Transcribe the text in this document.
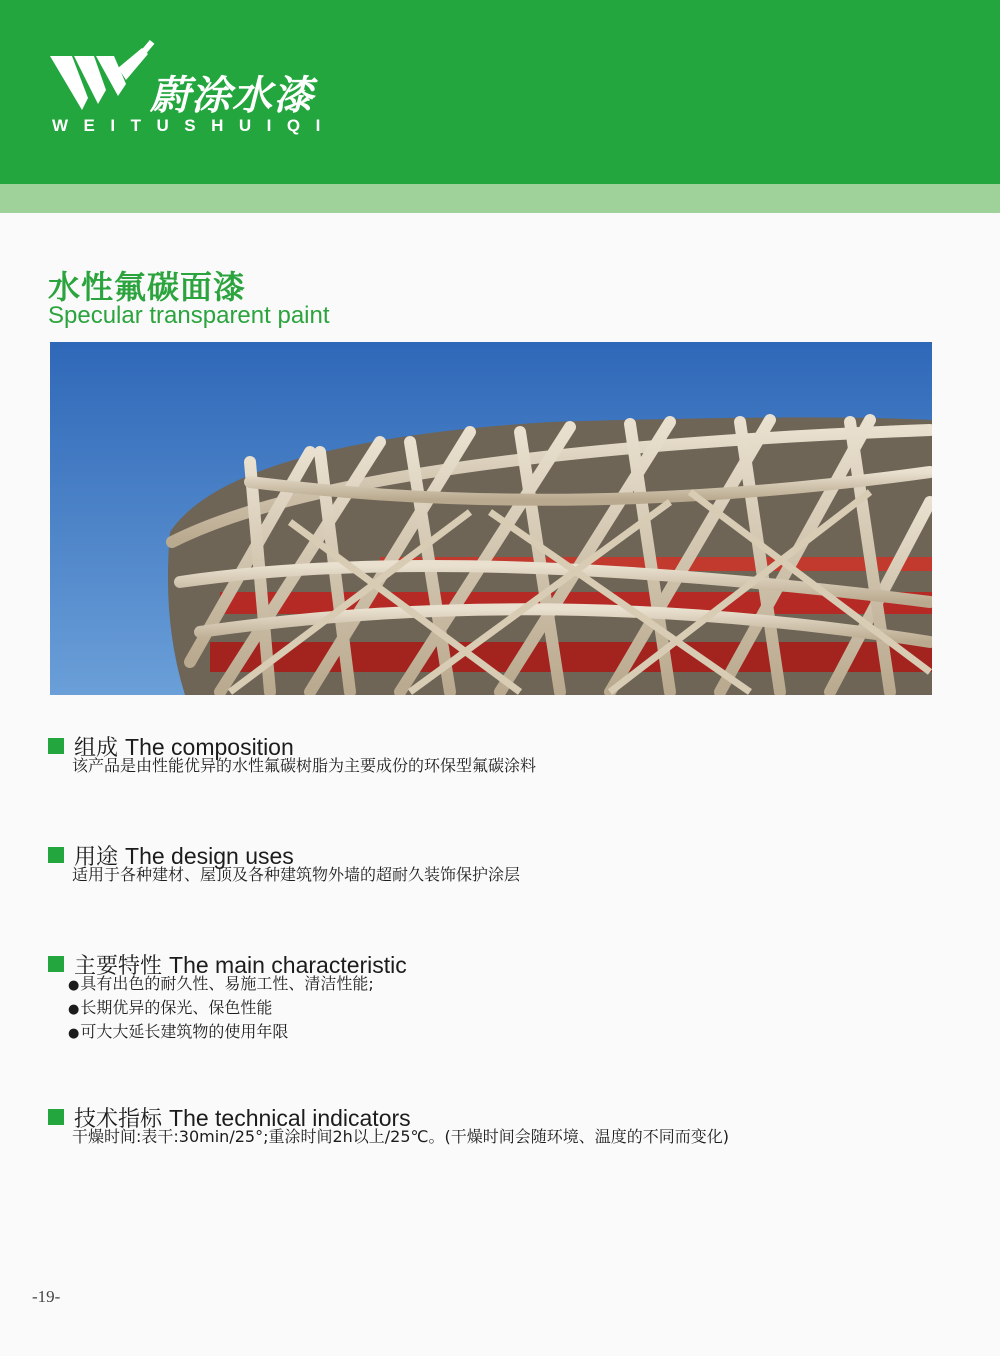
蔚涂水漆
WEITUSHUIQI
水性氟碳面漆
Specular transparent paint
组成 The composition
该产品是由性能优异的水性氟碳树脂为主要成份的环保型氟碳涂料
用途 The design uses
适用于各种建材、屋顶及各种建筑物外墙的超耐久装饰保护涂层
主要特性 The main characteristic
● 具有出色的耐久性、易施工性、清洁性能;
● 长期优异的保光、保色性能
● 可大大延长建筑物的使用年限
技术指标 The technical indicators
干燥时间:表干:30min/25°;重涂时间2h以上/25℃。(干燥时间会随环境、温度的不同而变化)
-19-
